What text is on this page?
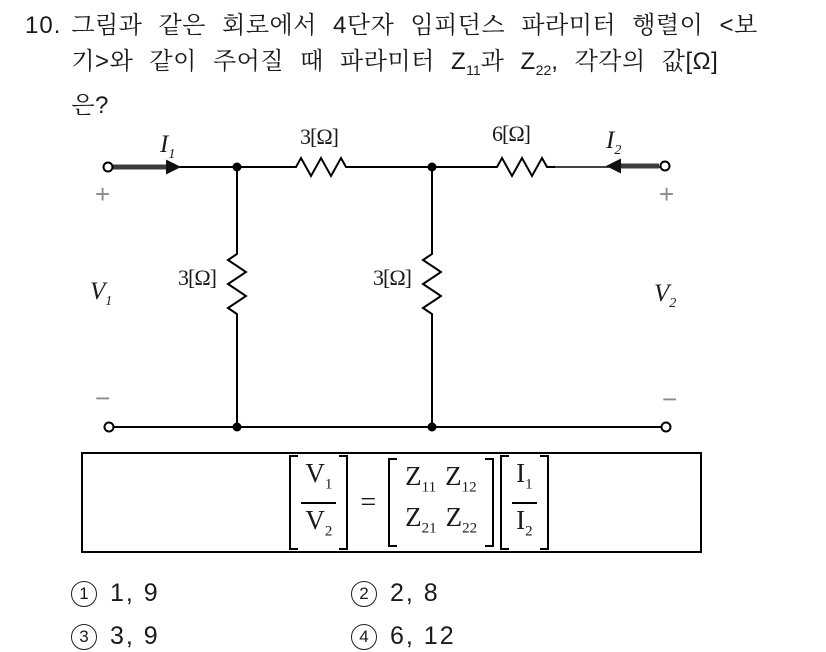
10. 그림과 같은 회로에서 4단자 임피던스 파라미터 행렬이 <보
기>와 같이 주어질 때 파라미터 $Z_{11}$과 $Z_{22}$, 각각의 값[Ω]
은?
$I_1$
$I_2$
3[Ω]	6[Ω]
3[Ω]	3[Ω]
$V_1$	$V_2$
+	+
−	−
$V_1$
$V_2$
=
$Z_{11}$ $Z_{12}$
$Z_{21}$ $Z_{22}$
$I_1$
$I_2$
1 1, 9	2 2, 8
3 3, 9	4 6, 12
